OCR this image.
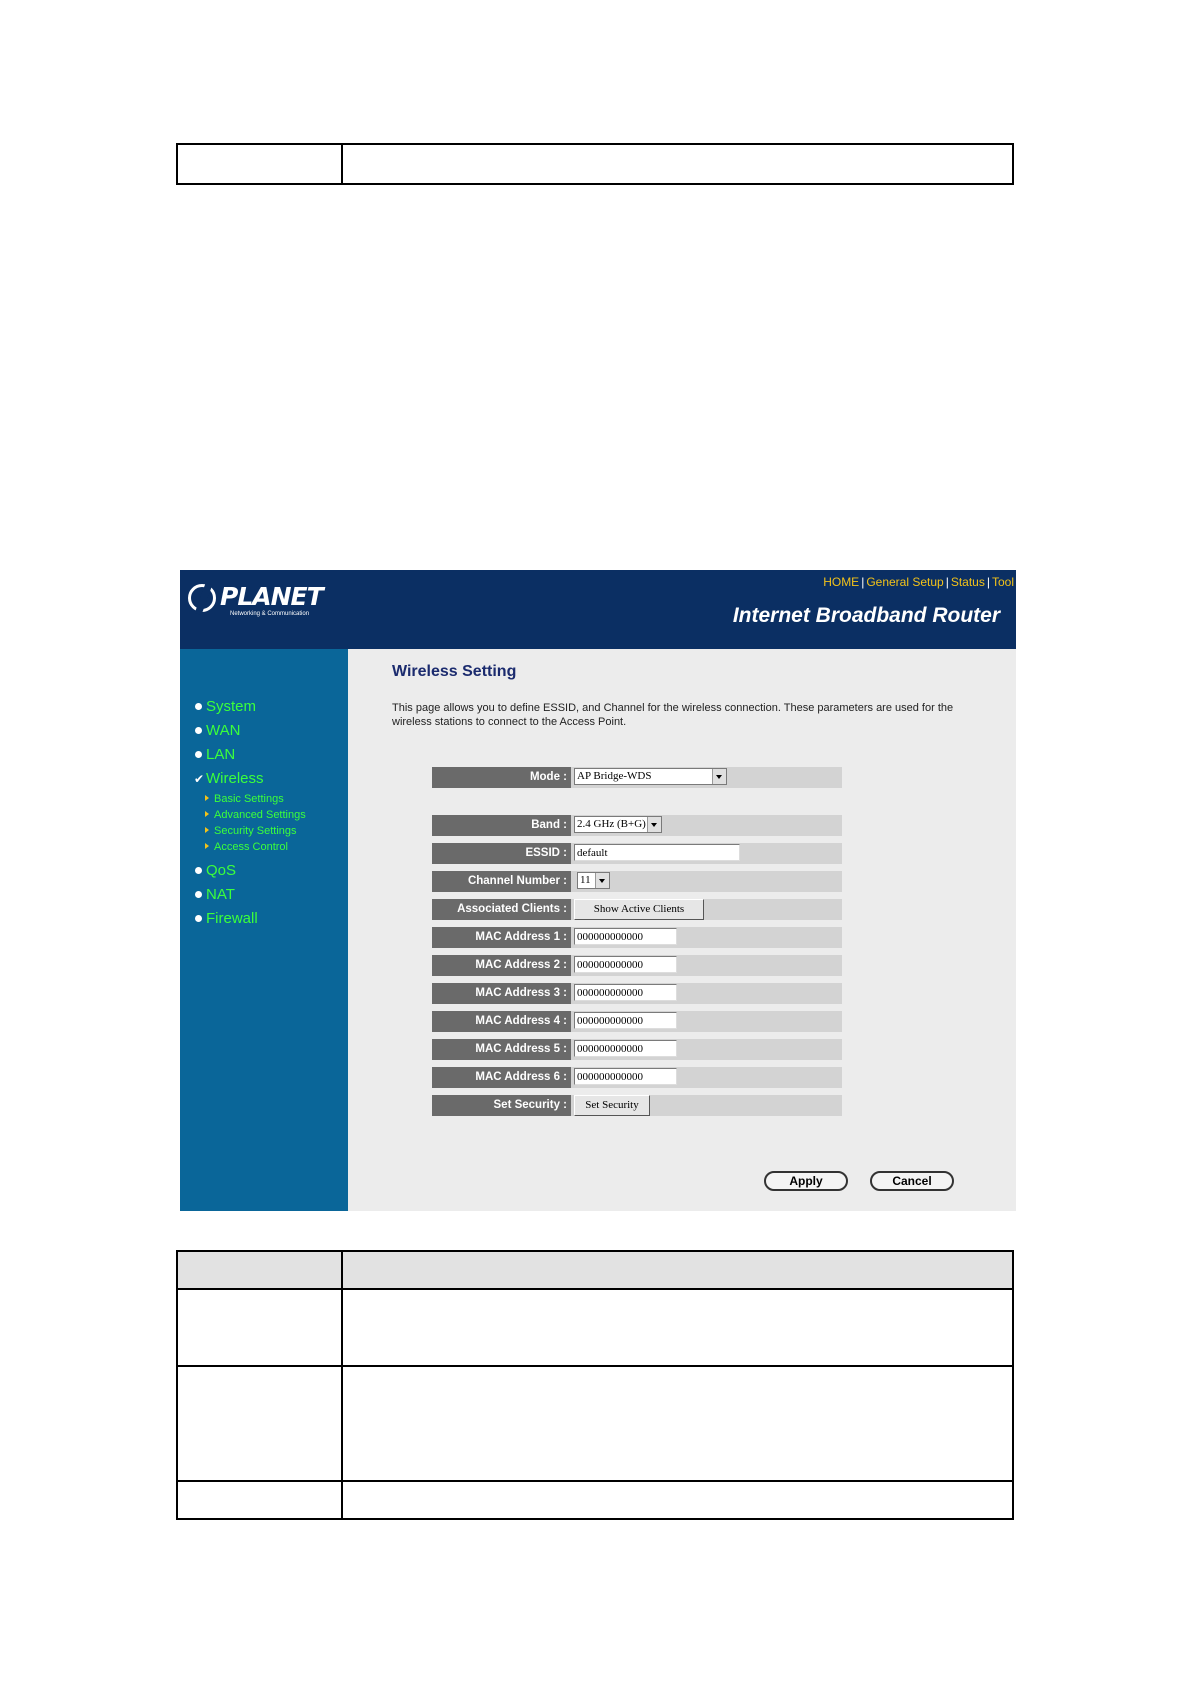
PLANET
Networking & Communication
HOME | General Setup | Status | Tool
Internet Broadband Router
System
WAN
LAN
✔ Wireless
Basic Settings
Advanced Settings
Security Settings
Access Control
QoS
NAT
Firewall
Wireless Setting
This page allows you to define ESSID, and Channel for the wireless connection. These parameters are used for the wireless stations to connect to the Access Point.
Mode : AP Bridge-WDS
Band : 2.4 GHz (B+G)
ESSID : default
Channel Number :	11
Associated Clients :	Show Active Clients
MAC Address 1 : 000000000000
MAC Address 2 : 000000000000
MAC Address 3 : 000000000000
MAC Address 4 : 000000000000
MAC Address 5 : 000000000000
MAC Address 6 : 000000000000
Set Security :	Set Security
Apply	Cancel
